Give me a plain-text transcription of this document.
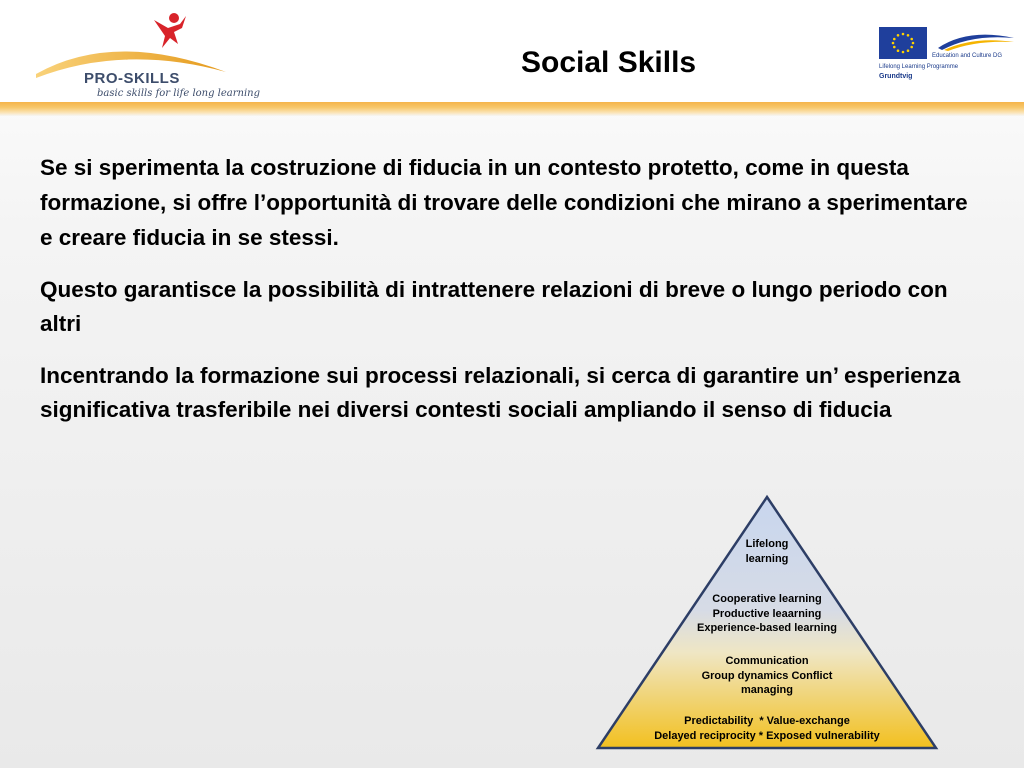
PRO-SKILLS
basic skills for life long learning
Social Skills	Education and Culture DG
Lifelong Learning Programme
Grundtvig

Se si sperimenta la costruzione di fiducia in un contesto protetto, come in questa formazione, si offre l’opportunità di trovare delle condizioni che mirano a sperimentare e creare fiducia in se stessi.

Questo garantisce la possibilità di intrattenere relazioni di breve o lungo periodo con altri

Incentrando la formazione sui processi relazionali, si cerca di garantire un’ esperienza significativa trasferibile nei diversi contesti sociali ampliando il senso di fiducia

Lifelong
learning
Cooperative learning
Productive leaarning
Experience-based learning
Communication
Group dynamics Conflict
managing
Predictability  * Value-exchange
Delayed reciprocity * Exposed vulnerability
